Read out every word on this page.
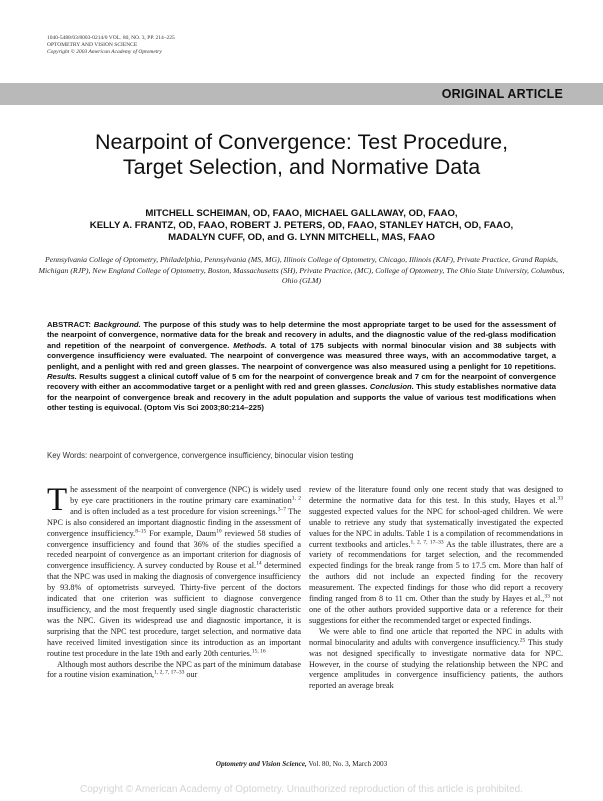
1040-5488/03/8003-0214/0 VOL. 80, NO. 3, PP. 214–225
OPTOMETRY AND VISION SCIENCE
Copyright © 2003 American Academy of Optometry
ORIGINAL ARTICLE
Nearpoint of Convergence: Test Procedure,
Target Selection, and Normative Data
MITCHELL SCHEIMAN, OD, FAAO, MICHAEL GALLAWAY, OD, FAAO,
KELLY A. FRANTZ, OD, FAAO, ROBERT J. PETERS, OD, FAAO, STANLEY HATCH, OD, FAAO,
MADALYN CUFF, OD, and G. LYNN MITCHELL, MAS, FAAO
Pennsylvania College of Optometry, Philadelphia, Pennsylvania (MS, MG), Illinois College of Optometry, Chicago, Illinois (KAF), Private Practice, Grand Rapids, Michigan (RJP), New England College of Optometry, Boston, Massachusetts (SH), Private Practice, (MC), College of Optometry, The Ohio State University, Columbus, Ohio (GLM)
ABSTRACT: Background. The purpose of this study was to help determine the most appropriate target to be used for the assessment of the nearpoint of convergence, normative data for the break and recovery in adults, and the diagnostic value of the red-glass modification and repetition of the nearpoint of convergence. Methods. A total of 175 subjects with normal binocular vision and 38 subjects with convergence insufficiency were evaluated. The nearpoint of convergence was measured three ways, with an accommodative target, a penlight, and a penlight with red and green glasses. The nearpoint of convergence was also measured using a penlight for 10 repetitions. Results. Results suggest a clinical cutoff value of 5 cm for the nearpoint of convergence break and 7 cm for the nearpoint of convergence recovery with either an accommodative target or a penlight with red and green glasses. Conclusion. This study establishes normative data for the nearpoint of convergence break and recovery in the adult population and supports the value of various test modifications when other testing is equivocal. (Optom Vis Sci 2003;80:214–225)
Key Words: nearpoint of convergence, convergence insufficiency, binocular vision testing

The assessment of the nearpoint of convergence (NPC) is widely used by eye care practitioners in the routine primary care examination$^{1, 2}$ and is often included as a test procedure for vision screenings.$^{3-7}$ The NPC is also considered an important diagnostic finding in the assessment of convergence insufficiency.$^{8-15}$ For example, Daum$^{10}$ reviewed 58 studies of convergence insufficiency and found that 36% of the studies specified a receded nearpoint of convergence as an important criterion for diagnosis of convergence insufficiency. A survey conducted by Rouse et al.$^{14}$ determined that the NPC was used in making the diagnosis of convergence insufficiency by 93.8% of optometrists surveyed. Thirty-five percent of the doctors indicated that one criterion was sufficient to diagnose convergence insufficiency, and the most frequently used single diagnostic characteristic was the NPC. Given its widespread use and diagnostic importance, it is surprising that the NPC test procedure, target selection, and normative data have received limited investigation since its introduction as an important routine test procedure in the late 19th and early 20th centuries.$^{15, 16}$

Although most authors describe the NPC as part of the minimum database for a routine vision examination,$^{1, 2, 7, 17-33}$ our

review of the literature found only one recent study that was designed to determine the normative data for this test. In this study, Hayes et al.$^{33}$ suggested expected values for the NPC for school-aged children. We were unable to retrieve any study that systematically investigated the expected values for the NPC in adults. Table 1 is a compilation of recommendations in current textbooks and articles.$^{1, 2, 7, 17-33}$ As the table illustrates, there are a variety of recommendations for target selection, and the recommended expected findings for the break range from 5 to 17.5 cm. More than half of the authors did not include an expected finding for the recovery measurement. The expected findings for those who did report a recovery finding ranged from 8 to 11 cm. Other than the study by Hayes et al.,$^{33}$ not one of the other authors provided supportive data or a reference for their suggestions for either the recommended target or expected findings.

We were able to find one article that reported the NPC in adults with normal binocularity and adults with convergence insufficiency.$^{25}$ This study was not designed specifically to investigate normative data for NPC. However, in the course of studying the relationship between the NPC and vergence amplitudes in convergence insufficiency patients, the authors reported an average break

Optometry and Vision Science, Vol. 80, No. 3, March 2003
Copyright © American Academy of Optometry. Unauthorized reproduction of this article is prohibited.
